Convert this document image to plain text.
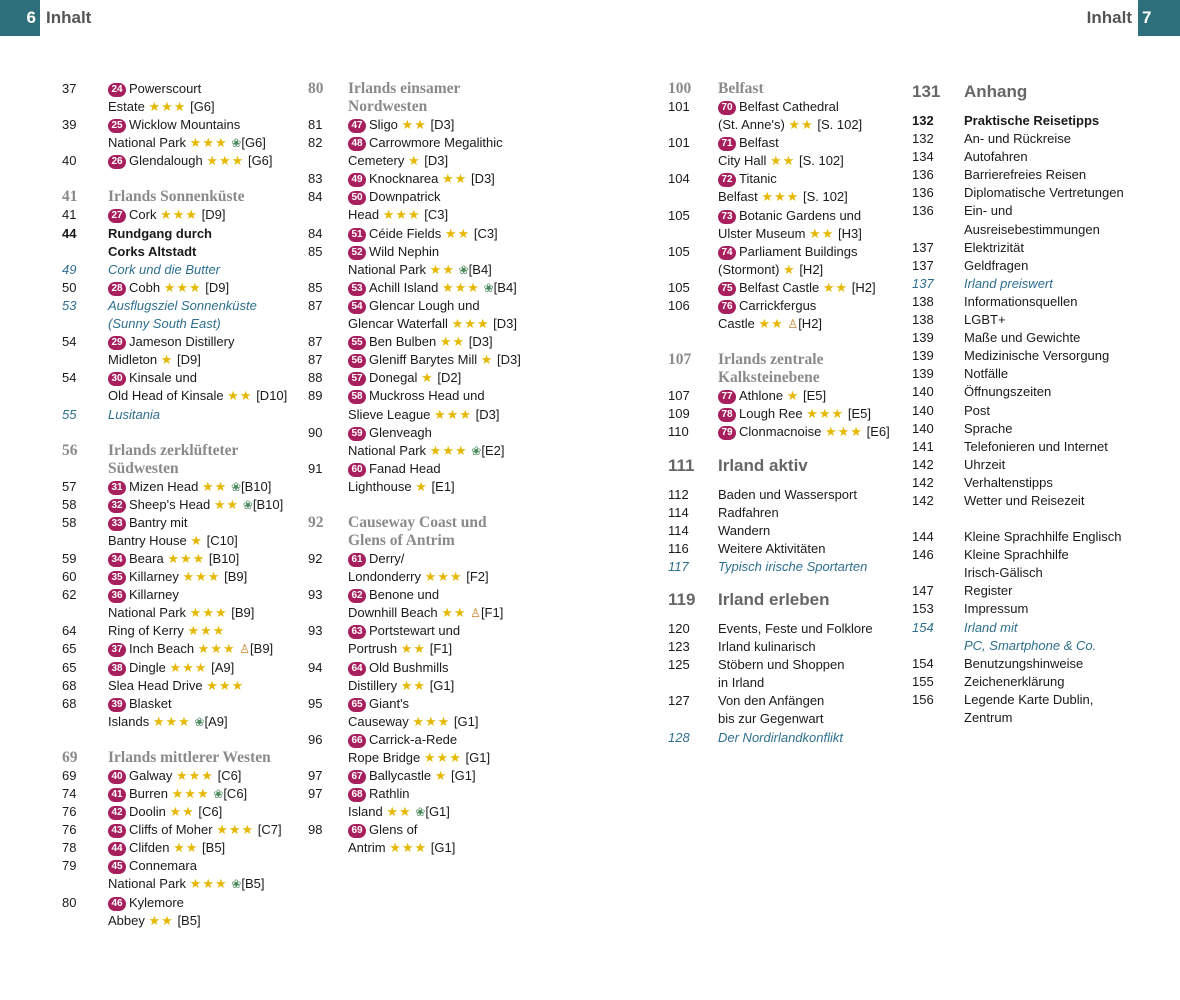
6 Inhalt	Inhalt 7
37	24 Powerscourt
Estate ★★★ [G6]
39	25 Wicklow Mountains
National Park ★★★ ❀[G6]
40	26 Glendalough ★★★ [G6]
41	Irlands Sonnenküste
41	27 Cork ★★★ [D9]
44	Rundgang durch
Corks Altstadt
49	Cork und die Butter
50	28 Cobh ★★★ [D9]
53	Ausflugsziel Sonnenküste
(Sunny South East)
54	29 Jameson Distillery
Midleton ★ [D9]
54	30 Kinsale und
Old Head of Kinsale ★★ [D10]
55	Lusitania
56	Irlands zerklüfteter
Südwesten
57	31 Mizen Head ★★ ❀[B10]
58	32 Sheep's Head ★★ ❀[B10]
58	33 Bantry mit
Bantry House ★ [C10]
59	34 Beara ★★★ [B10]
60	35 Killarney ★★★ [B9]
62	36 Killarney
National Park ★★★ [B9]
64	Ring of Kerry ★★★
65	37 Inch Beach ★★★ ♙[B9]
65	38 Dingle ★★★ [A9]
68	Slea Head Drive ★★★
68	39 Blasket
Islands ★★★ ❀[A9]
69	Irlands mittlerer Westen
69	40 Galway ★★★ [C6]
74	41 Burren ★★★ ❀[C6]
76	42 Doolin ★★ [C6]
76	43 Cliffs of Moher ★★★ [C7]
78	44 Clifden ★★ [B5]
79	45 Connemara
National Park ★★★ ❀[B5]
80	46 Kylemore
Abbey ★★ [B5]
80	Irlands einsamer
Nordwesten
81	47 Sligo ★★ [D3]
82	48 Carrowmore Megalithic
Cemetery ★ [D3]
83	49 Knocknarea ★★ [D3]
84	50 Downpatrick
Head ★★★ [C3]
84	51 Céide Fields ★★ [C3]
85	52 Wild Nephin
National Park ★★ ❀[B4]
85	53 Achill Island ★★★ ❀[B4]
87	54 Glencar Lough und
Glencar Waterfall ★★★ [D3]
87	55 Ben Bulben ★★ [D3]
87	56 Gleniff Barytes Mill ★ [D3]
88	57 Donegal ★ [D2]
89	58 Muckross Head und
Slieve League ★★★ [D3]
90	59 Glenveagh
National Park ★★★ ❀[E2]
91	60 Fanad Head
Lighthouse ★ [E1]
92	Causeway Coast und
Glens of Antrim
92	61 Derry/
Londonderry ★★★ [F2]
93	62 Benone und
Downhill Beach ★★ ♙[F1]
93	63 Portstewart und
Portrush ★★ [F1]
94	64 Old Bushmills
Distillery ★★ [G1]
95	65 Giant's
Causeway ★★★ [G1]
96	66 Carrick-a-Rede
Rope Bridge ★★★ [G1]
97	67 Ballycastle ★ [G1]
97	68 Rathlin
Island ★★ ❀[G1]
98	69 Glens of
Antrim ★★★ [G1]
100	Belfast
101	70 Belfast Cathedral
(St. Anne's) ★★ [S. 102]
101	71 Belfast
City Hall ★★ [S. 102]
104	72 Titanic
Belfast ★★★ [S. 102]
105	73 Botanic Gardens und
Ulster Museum ★★ [H3]
105	74 Parliament Buildings
(Stormont) ★ [H2]
105	75 Belfast Castle ★★ [H2]
106	76 Carrickfergus
Castle ★★ ♙[H2]
107	Irlands zentrale
Kalksteinebene
107	77 Athlone ★ [E5]
109	78 Lough Ree ★★★ [E5]
110	79 Clonmacnoise ★★★ [E6]
111	Irland aktiv
112	Baden und Wassersport
114	Radfahren
114	Wandern
116	Weitere Aktivitäten
117	Typisch irische Sportarten
119	Irland erleben
120	Events, Feste und Folklore
123	Irland kulinarisch
125	Stöbern und Shoppen
in Irland
127	Von den Anfängen
bis zur Gegenwart
128	Der Nordirlandkonflikt
131	Anhang
132	Praktische Reisetipps
132	An- und Rückreise
134	Autofahren
136	Barrierefreies Reisen
136	Diplomatische Vertretungen
136	Ein- und
Ausreisebestimmungen
137	Elektrizität
137	Geldfragen
137	Irland preiswert
138	Informationsquellen
138	LGBT+
139	Maße und Gewichte
139	Medizinische Versorgung
139	Notfälle
140	Öffnungszeiten
140	Post
140	Sprache
141	Telefonieren und Internet
142	Uhrzeit
142	Verhaltenstipps
142	Wetter und Reisezeit
144	Kleine Sprachhilfe Englisch
146	Kleine Sprachhilfe
Irisch-Gälisch
147	Register
153	Impressum
154	Irland mit
PC, Smartphone & Co.
154	Benutzungshinweise
155	Zeichenerklärung
156	Legende Karte Dublin,
Zentrum
